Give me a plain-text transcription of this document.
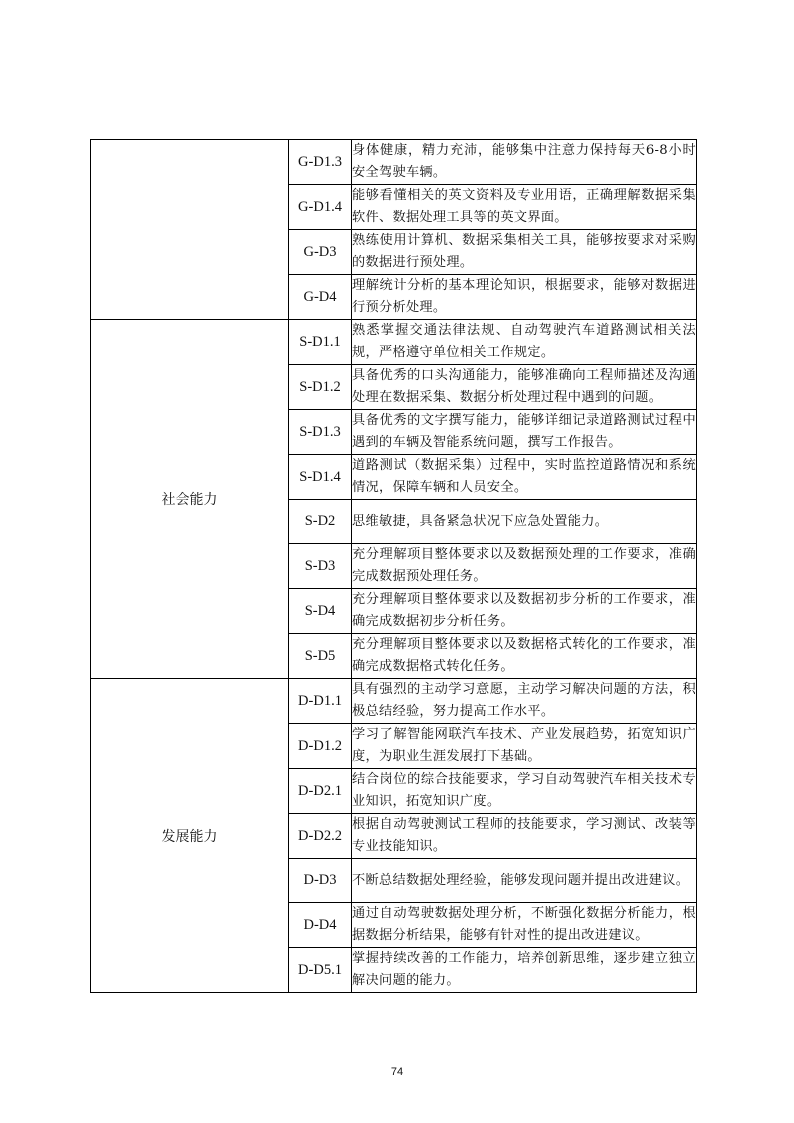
	G-D1.3	身体健康，精力充沛，能够集中注意力保持每天6-8小时安全驾驶车辆。
	G-D1.4	能够看懂相关的英文资料及专业用语，正确理解数据采集软件、数据处理工具等的英文界面。
	G-D3	熟练使用计算机、数据采集相关工具，能够按要求对采购的数据进行预处理。
	G-D4	理解统计分析的基本理论知识，根据要求，能够对数据进行预分析处理。
社会能力	S-D1.1	熟悉掌握交通法律法规、自动驾驶汽车道路测试相关法规，严格遵守单位相关工作规定。
	S-D1.2	具备优秀的口头沟通能力，能够准确向工程师描述及沟通处理在数据采集、数据分析处理过程中遇到的问题。
	S-D1.3	具备优秀的文字撰写能力，能够详细记录道路测试过程中遇到的车辆及智能系统问题，撰写工作报告。
	S-D1.4	道路测试（数据采集）过程中，实时监控道路情况和系统情况，保障车辆和人员安全。
	S-D2	思维敏捷，具备紧急状况下应急处置能力。
	S-D3	充分理解项目整体要求以及数据预处理的工作要求，准确完成数据预处理任务。
	S-D4	充分理解项目整体要求以及数据初步分析的工作要求，准确完成数据初步分析任务。
	S-D5	充分理解项目整体要求以及数据格式转化的工作要求，准确完成数据格式转化任务。
发展能力	D-D1.1	具有强烈的主动学习意愿，主动学习解决问题的方法，积极总结经验，努力提高工作水平。
	D-D1.2	学习了解智能网联汽车技术、产业发展趋势，拓宽知识广度，为职业生涯发展打下基础。
	D-D2.1	结合岗位的综合技能要求，学习自动驾驶汽车相关技术专业知识，拓宽知识广度。
	D-D2.2	根据自动驾驶测试工程师的技能要求，学习测试、改装等专业技能知识。
	D-D3	不断总结数据处理经验，能够发现问题并提出改进建议。
	D-D4	通过自动驾驶数据处理分析，不断强化数据分析能力，根据数据分析结果，能够有针对性的提出改进建议。
	D-D5.1	掌握持续改善的工作能力，培养创新思维，逐步建立独立解决问题的能力。
74
